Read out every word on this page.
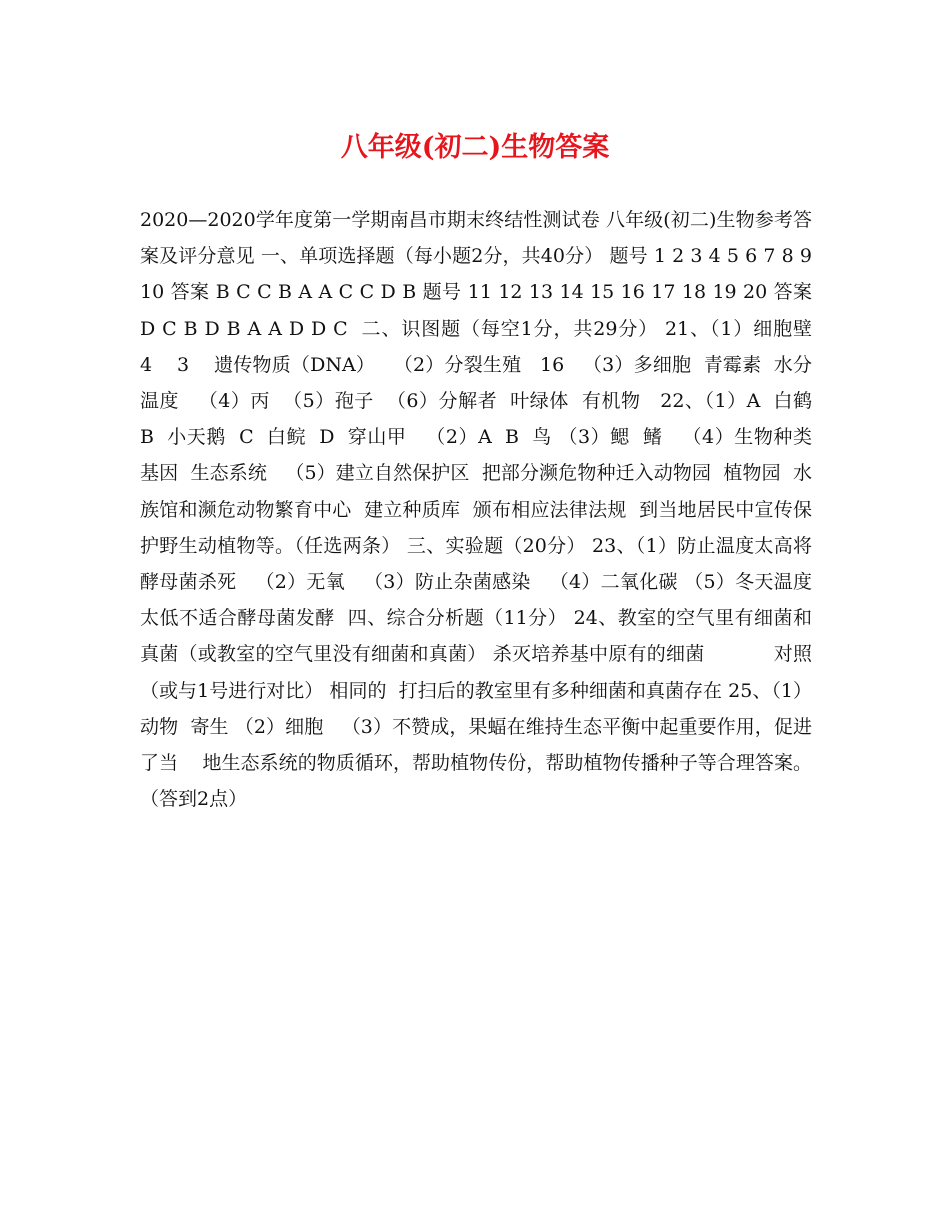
八年级(初二)生物答案

2020—2020学年度第一学期南昌市期末终结性测试卷 八年级(初二)生物参考答案及评分意见 一、单项选择题（每小题2分，共40分） 题号 1 2 3 4 5 6 7 8 9 10 答案 B C C B A A C C D B 题号 11 12 13 14 15 16 17 18 19 20 答案 D C B D B A A D D C  二、识图题（每空1分，共29分） 21、（1）细胞壁    4    3    遗传物质（DNA）   （2）分裂生殖   16   （3）多细胞  青霉素  水分  温度   （4）丙  （5）孢子  （6）分解者  叶绿体  有机物   22、（1）A  白鹤  B  小天鹅  C  白鲩  D  穿山甲   （2）A  B  鸟 （3）鳃  鳍   （4）生物种类  基因  生态系统   （5）建立自然保护区  把部分濒危物种迁入动物园  植物园  水族馆和濒危动物繁育中心  建立种质库  颁布相应法律法规  到当地居民中宣传保护野生动植物等。（任选两条） 三、实验题（20分） 23、（1）防止温度太高将酵母菌杀死   （2）无氧   （3）防止杂菌感染   （4）二氧化碳 （5）冬天温度太低不适合酵母菌发酵  四、综合分析题（11分） 24、教室的空气里有细菌和真菌（或教室的空气里没有细菌和真菌） 杀灭培养基中原有的细菌           对照（或与1号进行对比） 相同的  打扫后的教室里有多种细菌和真菌存在 25、（1）动物  寄生 （2）细胞   （3）不赞成，果蝠在维持生态平衡中起重要作用，促进了当    地生态系统的物质循环，帮助植物传份，帮助植物传播种子等合理答案。（答到2点）
